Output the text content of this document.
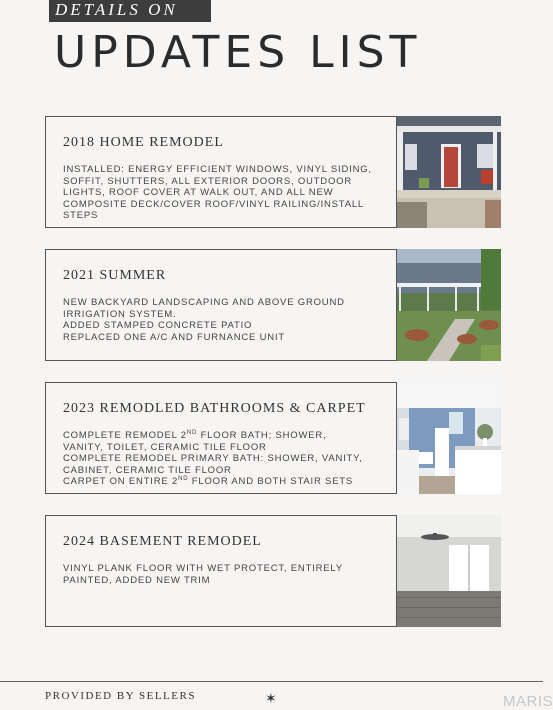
DETAILS ON
UPDATES LIST
2018 HOME REMODEL
INSTALLED: ENERGY EFFICIENT WINDOWS, VINYL SIDING,
SOFFIT, SHUTTERS, ALL EXTERIOR DOORS, OUTDOOR
LIGHTS, ROOF COVER AT WALK OUT, AND ALL NEW
COMPOSITE DECK/COVER ROOF/VINYL RAILING/INSTALL
STEPS
2021 SUMMER
NEW BACKYARD LANDSCAPING AND ABOVE GROUND
IRRIGATION SYSTEM.
ADDED STAMPED CONCRETE PATIO
REPLACED ONE A/C AND FURNANCE UNIT
2023 REMODLED BATHROOMS & CARPET
COMPLETE REMODEL 2ND FLOOR BATH; SHOWER,
VANITY, TOILET, CERAMIC TILE FLOOR
COMPLETE REMODEL PRIMARY BATH: SHOWER, VANITY,
CABINET, CERAMIC TILE FLOOR
CARPET ON ENTIRE 2ND FLOOR AND BOTH STAIR SETS
2024 BASEMENT REMODEL
VINYL PLANK FLOOR WITH WET PROTECT, ENTIRELY
PAINTED, ADDED NEW TRIM
PROVIDED BY SELLERS	✶	MARIS
